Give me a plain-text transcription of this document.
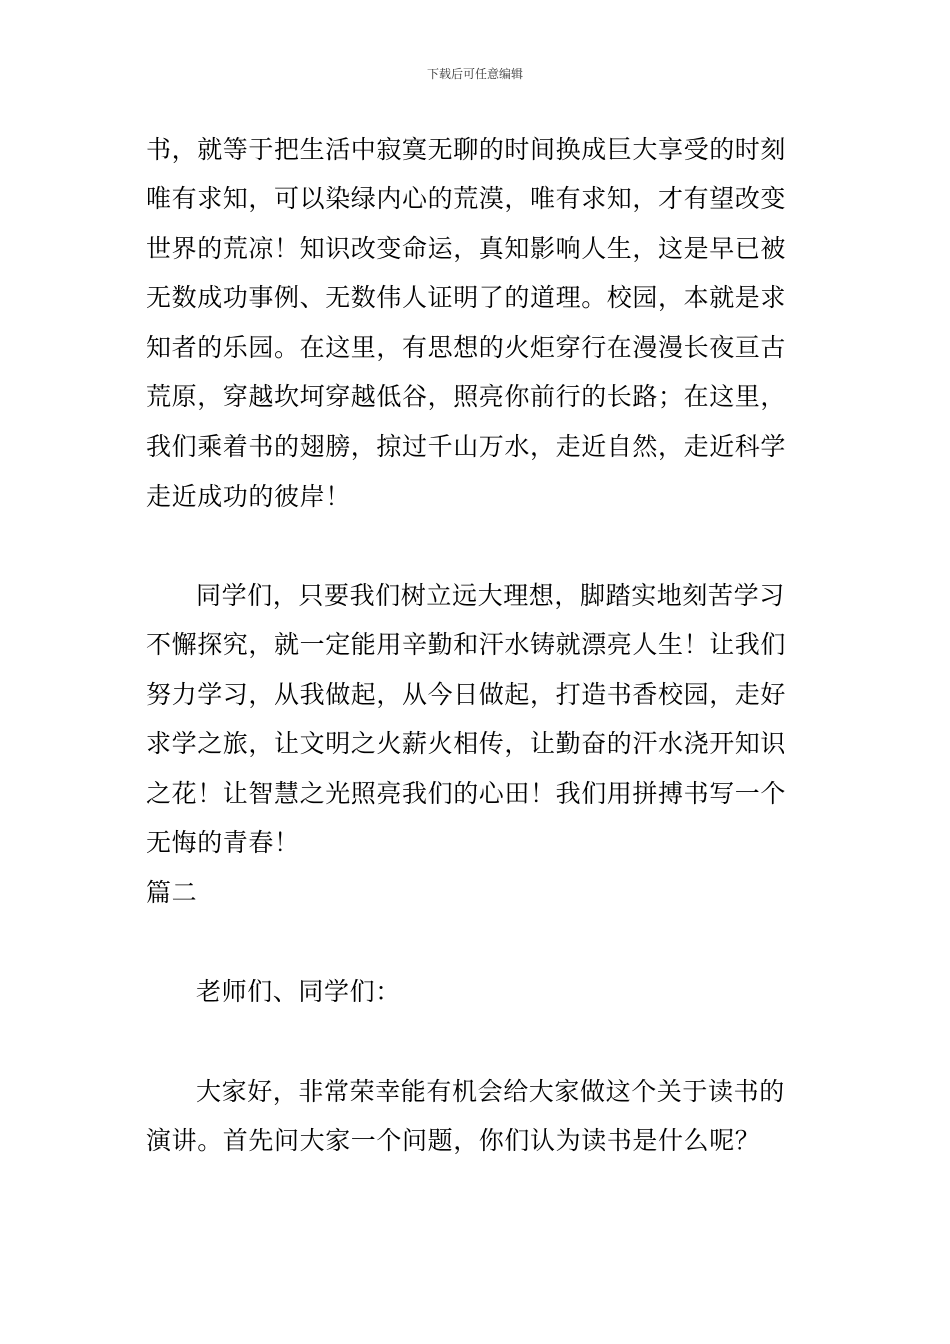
下载后可任意编辑
书，就等于把生活中寂寞无聊的时间换成巨大享受的时刻
唯有求知，可以染绿内心的荒漠，唯有求知，才有望改变
世界的荒凉！知识改变命运，真知影响人生，这是早已被
无数成功事例、无数伟人证明了的道理。校园，本就是求
知者的乐园。在这里，有思想的火炬穿行在漫漫长夜亘古
荒原，穿越坎坷穿越低谷，照亮你前行的长路；在这里，
我们乘着书的翅膀，掠过千山万水，走近自然，走近科学
走近成功的彼岸！
同学们，只要我们树立远大理想，脚踏实地刻苦学习
不懈探究，就一定能用辛勤和汗水铸就漂亮人生！让我们
努力学习，从我做起，从今日做起，打造书香校园，走好
求学之旅，让文明之火薪火相传，让勤奋的汗水浇开知识
之花！让智慧之光照亮我们的心田！我们用拼搏书写一个
无悔的青春！
篇二
老师们、同学们：
大家好，非常荣幸能有机会给大家做这个关于读书的
演讲。首先问大家一个问题，你们认为读书是什么呢？
